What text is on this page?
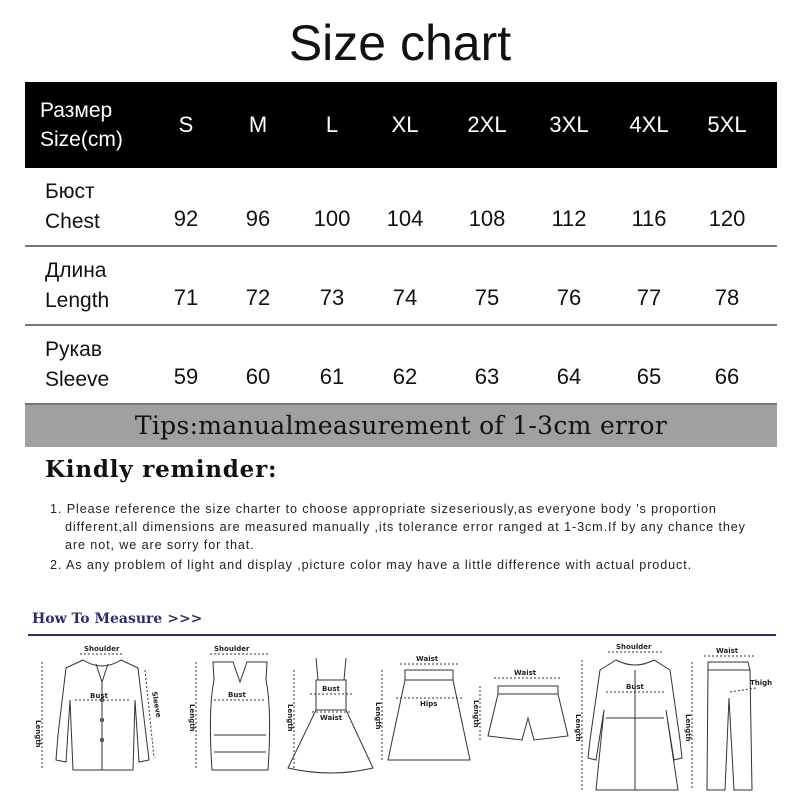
Size chart
Размер
Size(cm)
S	M	L	XL	2XL	3XL	4XL	5XL
Бюст
Chest	92	96	100	104	108	112	116	120
Длина
Length	71	72	73	74	75	76	77	78
Рукав
Sleeve	59	60	61	62	63	64	65	66
Tips:manualmeasurement of 1-3cm error
Kindly reminder:

1. Please reference the size charter to choose appropriate sizeseriously,as everyone body 's proportion different,all dimensions are measured manually ,its tolerance error ranged at 1-3cm.If by any chance they are not, we are sorry for that.

2. As any problem of light and display ,picture color may have a little difference with actual product.

How To Measure >>>
Shoulder
Bust
Length
Sleeve
Shoulder
Bust
Length
Bust
Waist
Length
Waist
Hips
Length
Waist
Length
Shoulder
Bust
Length
Waist
Thigh
Length
